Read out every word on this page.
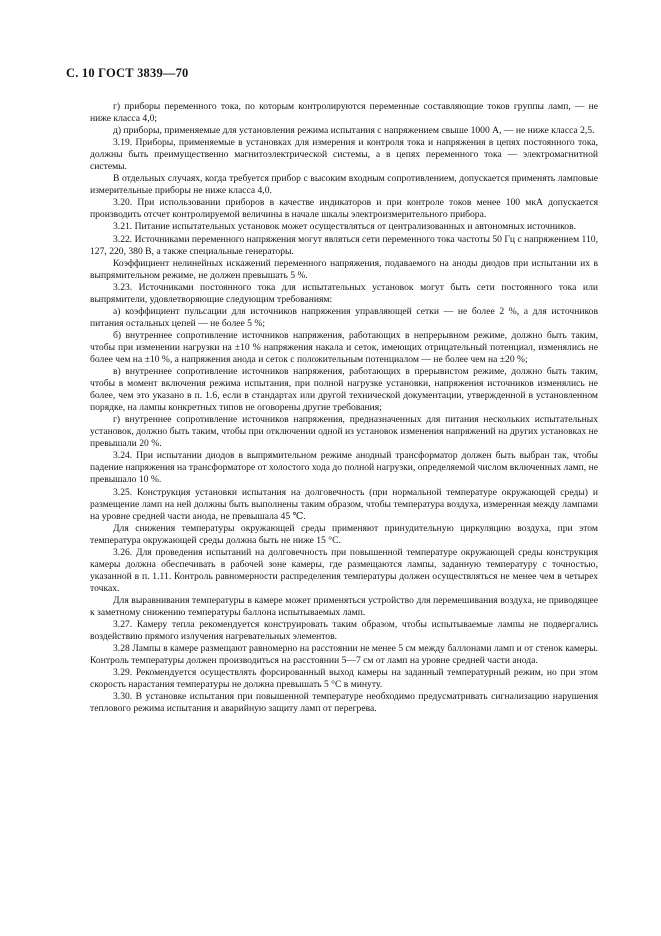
С. 10 ГОСТ 3839—70

г) приборы переменного тока, по которым контролируются переменные составляющие токов группы ламп, — не ниже класса 4,0;

д) приборы, применяемые для установления режима испытания с напряжением свыше 1000 А, — не ниже класса 2,5.

3.19. Приборы, применяемые в установках для измерения и контроля тока и напряжения в цепях постоянного тока, должны быть преимущественно магнитоэлектрической системы, а в цепях переменного тока — электромагнитной системы.

В отдельных случаях, когда требуется прибор с высоким входным сопротивлением, допускается применять ламповые измерительные приборы не ниже класса 4,0.

3.20. При использовании приборов в качестве индикаторов и при контроле токов менее 100 мкА допускается производить отсчет контролируемой величины в начале шкалы электроизмерительного прибора.

3.21. Питание испытательных установок может осуществляться от централизованных и автономных источников.

3.22. Источниками переменного напряжения могут являться сети переменного тока частоты 50 Гц с напряжением 110, 127, 220, 380 В, а также специальные генераторы.

Коэффициент нелинейных искажений переменного напряжения, подаваемого на аноды диодов при испытании их в выпрямительном режиме, не должен превышать 5 %.

3.23. Источниками постоянного тока для испытательных установок могут быть сети постоянного тока или выпрямители, удовлетворяющие следующим требованиям:

а) коэффициент пульсации для источников напряжения управляющей сетки — не более 2 %, а для источников питания остальных цепей — не более 5 %;

б) внутреннее сопротивление источников напряжения, работающих в непрерывном режиме, должно быть таким, чтобы при изменении нагрузки на ±10 % напряжения накала и сеток, имеющих отрицательный потенциал, изменялись не более чем на ±10 %, а напряжения анода и сеток с положительным потенциалом — не более чем на ±20 %;

в) внутреннее сопротивление источников напряжения, работающих в прерывистом режиме, должно быть таким, чтобы в момент включения режима испытания, при полной нагрузке установки, напряжения источников изменялись не более, чем это указано в п. 1.6, если в стандартах или другой технической документации, утвержденной в установленном порядке, на лампы конкретных типов не оговорены другие требования;

г) внутреннее сопротивление источников напряжения, предназначенных для питания нескольких испытательных установок, должно быть таким, чтобы при отключении одной из установок изменения напряжений на других установках не превышали 20 %.

3.24. При испытании диодов в выпрямительном режиме анодный трансформатор должен быть выбран так, чтобы падение напряжения на трансформаторе от холостого хода до полной нагрузки, определяемой числом включенных ламп, не превышало 10 %.

3.25. Конструкция установки испытания на долговечность (при нормальной температуре окружающей среды) и размещение ламп на ней должны быть выполнены таким образом, чтобы температура воздуха, измеренная между лампами на уровне средней части анода, не превышала 45 ℃.

Для снижения температуры окружающей среды применяют принудительную циркуляцию воздуха, при этом температура окружающей среды должна быть не ниже 15 °С.

3.26. Для проведения испытаний на долговечность при повышенной температуре окружающей среды конструкция камеры должна обеспечивать в рабочей зоне камеры, где размещаются лампы, заданную температуру с точностью, указанной в п. 1.11. Контроль равномерности распределения температуры должен осуществляться не менее чем в четырех точках.

Для выравнивания температуры в камере может применяться устройство для перемешивания воздуха, не приводящее к заметному снижению температуры баллона испытываемых ламп.

3.27. Камеру тепла рекомендуется конструировать таким образом, чтобы испытываемые лампы не подвергались воздействию прямого излучения нагревательных элементов.

3.28 Лампы в камере размещают равномерно на расстоянии не менее 5 см между баллонами ламп и от стенок камеры. Контроль температуры должен производиться на расстоянии 5—7 см от ламп на уровне средней части анода.

3.29. Рекомендуется осуществлять форсированный выход камеры на заданный температурный режим, но при этом скорость нарастания температуры не должна превышать 5 °С в минуту.

3.30. В установке испытания при повышенной температуре необходимо предусматривать сигнализацию нарушения теплового режима испытания и аварийную защиту ламп от перегрева.
